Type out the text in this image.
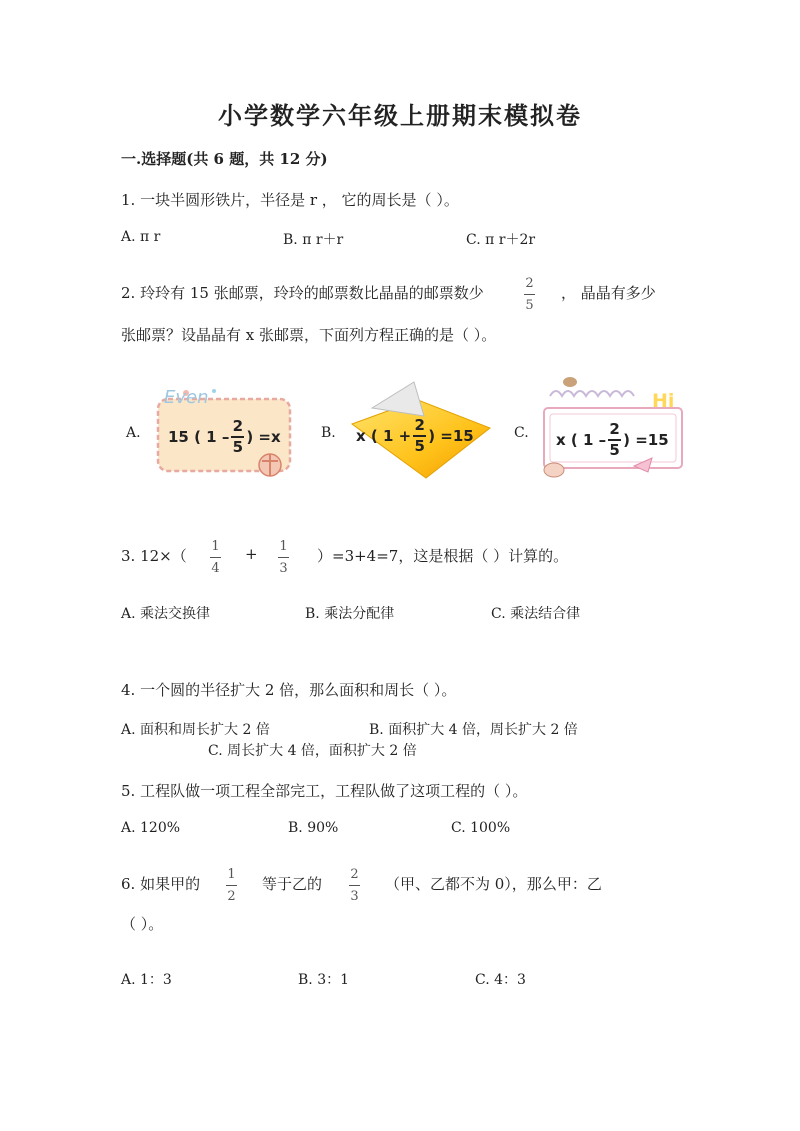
小学数学六年级上册期末模拟卷
一.选择题(共 6 题，共 12 分)
1. 一块半圆形铁片，半径是 r ， 它的周长是（ ）。
A. π r	B. π r＋r	C. π r＋2r
2. 玲玲有 15 张邮票，玲玲的邮票数比晶晶的邮票数少
2
5
， 晶晶有多少
张邮票？设晶晶有 x 张邮票，下面列方程正确的是（ ）。
A.	B.	C.
Even
15 ( 1 –
2
5
) =x	x ( 1 +
2
5
) =15
Hi
x ( 1 –
2
5
) =15
3. 12×（
1
4
+ 1
3
）=3+4=7，这是根据（ ）计算的。
A. 乘法交换律	B. 乘法分配律	C. 乘法结合律
4. 一个圆的半径扩大 2 倍，那么面积和周长（ ）。
A. 面积和周长扩大 2 倍	B. 面积扩大 4 倍，周长扩大 2 倍
C. 周长扩大 4 倍，面积扩大 2 倍
5. 工程队做一项工程全部完工，工程队做了这项工程的（ ）。
A. 120%	B. 90%	C. 100%
6. 如果甲的
1
2
等于乙的
2
3
（甲、乙都不为 0），那么甲：乙
（ ）。
A. 1：3	B. 3：1	C. 4：3
